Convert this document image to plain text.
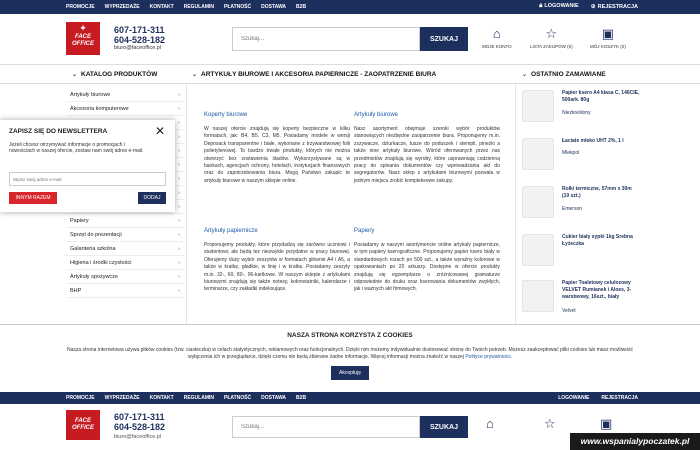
PROMOCJE WYPRZEDAŻE KONTAKT REGULAMIN PŁATNOŚĆ DOSTAWA B2B	🔒︎ LOGOWANIE ⊕ REJESTRACJA
✦
FACE
OFFICE
607-171-311
604-528-182
biuro@faceoffice.pl
Szukaj...
SZUKAJ	⌂
MOJE KONTO
☆
LISTA ZAKUPÓW (0)
▣
MÓJ KOSZYK (0)
⌄ KATALOG PRODUKTÓW	⌄ ARTYKUŁY BIUROWE I AKCESORIA PAPIERNICZE - ZAOPATRZENIE BIURA	⌄ OSTATNIO ZAMAWIANE
Artykuły biurowe	›
Akcesoria komputerowe	›
›
›
›
›
›
›
›
Papiery	›
Sprzęt do prezentacji	›
Galanteria szkolna	›
Higiena i środki czystości	›
Artykuły spożywcze	›
BHP	›
Koperty biurowe

W naszej ofercie znajdują się koperty bezpieczne w kilku formatach, jak: B4, B5, C3, M5. Posiadamy modele w wersji Deposack transparentne i białe, wykonane z trzywarstwowej folii polietylenowej. To bardzo trwałe produkty, których nie można otworzyć bez zostawienia śladów. Wykorzystywane są w bankach, agencjach ochrony, hotelach, instytucjach finansowych oraz do zapotrzebowania biura. Mogą Państwo zakupić te artykuły biurowe w naszym sklepie online.

Artykuły biurowe

Nasz asortyment obejmuje szeroki wybór produktów stanowiących niezbędne zaopatrzenie biura. Proponujemy m.in. zszywacze, dziurkacze, tusze do poduszek i stempli, pinezki a także inne artykuły biurowe. Wśród oferowanych przez nas przedmiotów znajdują się wyroby, które usprawniają codzienną pracy do spinania dokumentów czy wprowadzania akt do segregatorów. Nasz sklep z artykułami biurowymi pozwala w jednym miejscu zrobić kompleksowe zakupy.

Artykuły papiernicze

Proponujemy produkty, które przydadzą się zarówno uczniowi i studentowi, ale będą też niezwykle przydatne w pracy biurowej. Oferujemy duży wybór zeszytów w formatach głównie A4 i A5, a także w kratkę, gładkie, w linię i w kratkę. Posiadamy zeszyty m.in. 32-, 60, 80-, 96-kartkowe. W naszym sklepie z artykułami biurowymi znajdują się także notesy, kołonotatniki, kalendarze i terminarze, czy zakładki indeksujące.

Papiery

Posiadamy w naszym asortymencie online artykuły papiernicze, w tym papiery kserograficzne. Proponujemy papier ksero biały w standardowych rozach po 500 szt., a także wyraźny kolorowe w opakowaniach po 20 arkuszy. Dostępne w ofercie produkty znajdują się egzemplarze o zróżnicowanej gramaturze odpowiednie do druku oraz kserowania dokumentów zwykłych, jak i ważnych akt firmowych.

Papier ksero A4 klasa C, 146CIE, 500ark. 80g
Niezkreślony
Łaciate mleko UHT 2%, 1 l
Mlekpol
Rolki termiczne, 57mm x 30m (10 szt.)
Emerson
Cukier biały sypki 1kg Srebna Łyżeczka
Papier Toaletowy celulozowy VELVET Rumianek i Aloes, 3-warstwowy, 16szt., biały
Velvet
ZAPISZ SIĘ DO NEWSLETTERA	✕
Jeżeli chcesz otrzymywać informacje o promocjach i nowościach w naszej ofercie, zostaw nam swój adres e-mail.
Wpisz swój adres e-mail
INNYM RAZEM	DODAJ
NASZA STRONA KORZYSTA Z COOKIES
Nasza strona internetowa używa plików cookies (tzw. ciasteczka) w celach statystycznych, reklamowych oraz funkcjonalnych. Dzięki nim możemy indywidualnie dostosować stronę do Twoich potrzeb. Możesz zaakceptować pliki cookies lub masz możliwość wyłączenia ich w przeglądarce, dzięki czemu nie będą zbierane żadne informacje. Więcej informacji można znaleźć w naszej Polityce prywatności.
Akceptuję
PROMOCJE WYPRZEDAŻE KONTAKT REGULAMIN PŁATNOŚĆ DOSTAWA B2B	LOGOWANIE REJESTRACJA
FACE
OFFICE
607-171-311
604-528-182
biuro@faceoffice.pl
Szukaj...
SZUKAJ	⌂	☆	▣
www.wspanialypoczatek.pl
